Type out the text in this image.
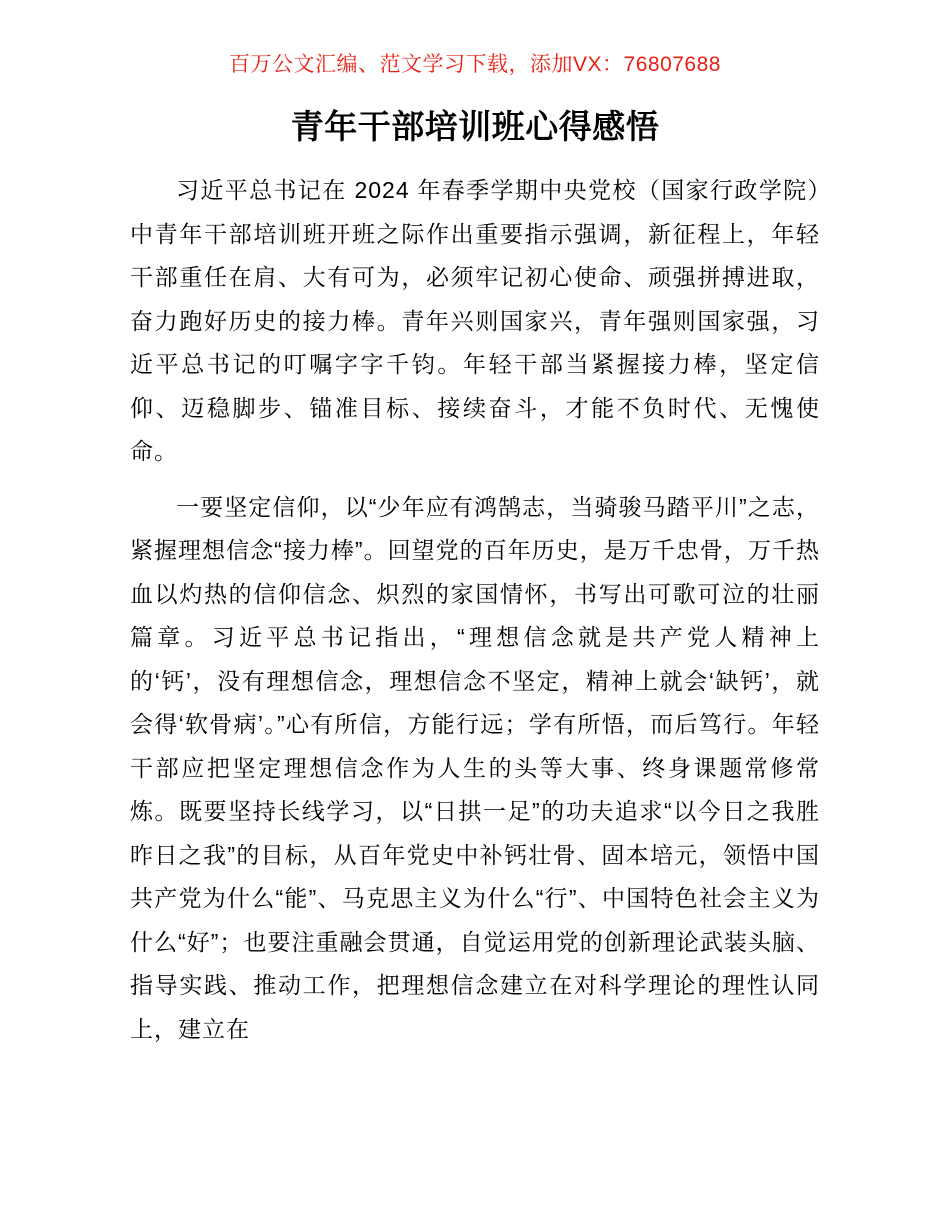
百万公文汇编、范文学习下载，添加VX：76807688
青年干部培训班心得感悟

习近平总书记在 2024 年春季学期中央党校（国家行政学院）中青年干部培训班开班之际作出重要指示强调，新征程上，年轻干部重任在肩、大有可为，必须牢记初心使命、顽强拼搏进取，奋力跑好历史的接力棒。青年兴则国家兴，青年强则国家强，习近平总书记的叮嘱字字千钧。年轻干部当紧握接力棒，坚定信仰、迈稳脚步、锚准目标、接续奋斗，才能不负时代、无愧使命。

一要坚定信仰，以“少年应有鸿鹄志，当骑骏马踏平川”之志，紧握理想信念“接力棒”。回望党的百年历史，是万千忠骨，万千热血以灼热的信仰信念、炽烈的家国情怀，书写出可歌可泣的壮丽篇章。习近平总书记指出，“理想信念就是共产党人精神上的‘钙’，没有理想信念，理想信念不坚定，精神上就会‘缺钙’，就会得‘软骨病’。”心有所信，方能行远；学有所悟，而后笃行。年轻干部应把坚定理想信念作为人生的头等大事、终身课题常修常炼。既要坚持长线学习，以“日拱一足”的功夫追求“以今日之我胜昨日之我”的目标，从百年党史中补钙壮骨、固本培元，领悟中国共产党为什么“能”、马克思主义为什么“行”、中国特色社会主义为什么“好”；也要注重融会贯通，自觉运用党的创新理论武装头脑、指导实践、推动工作，把理想信念建立在对科学理论的理性认同上，建立在
